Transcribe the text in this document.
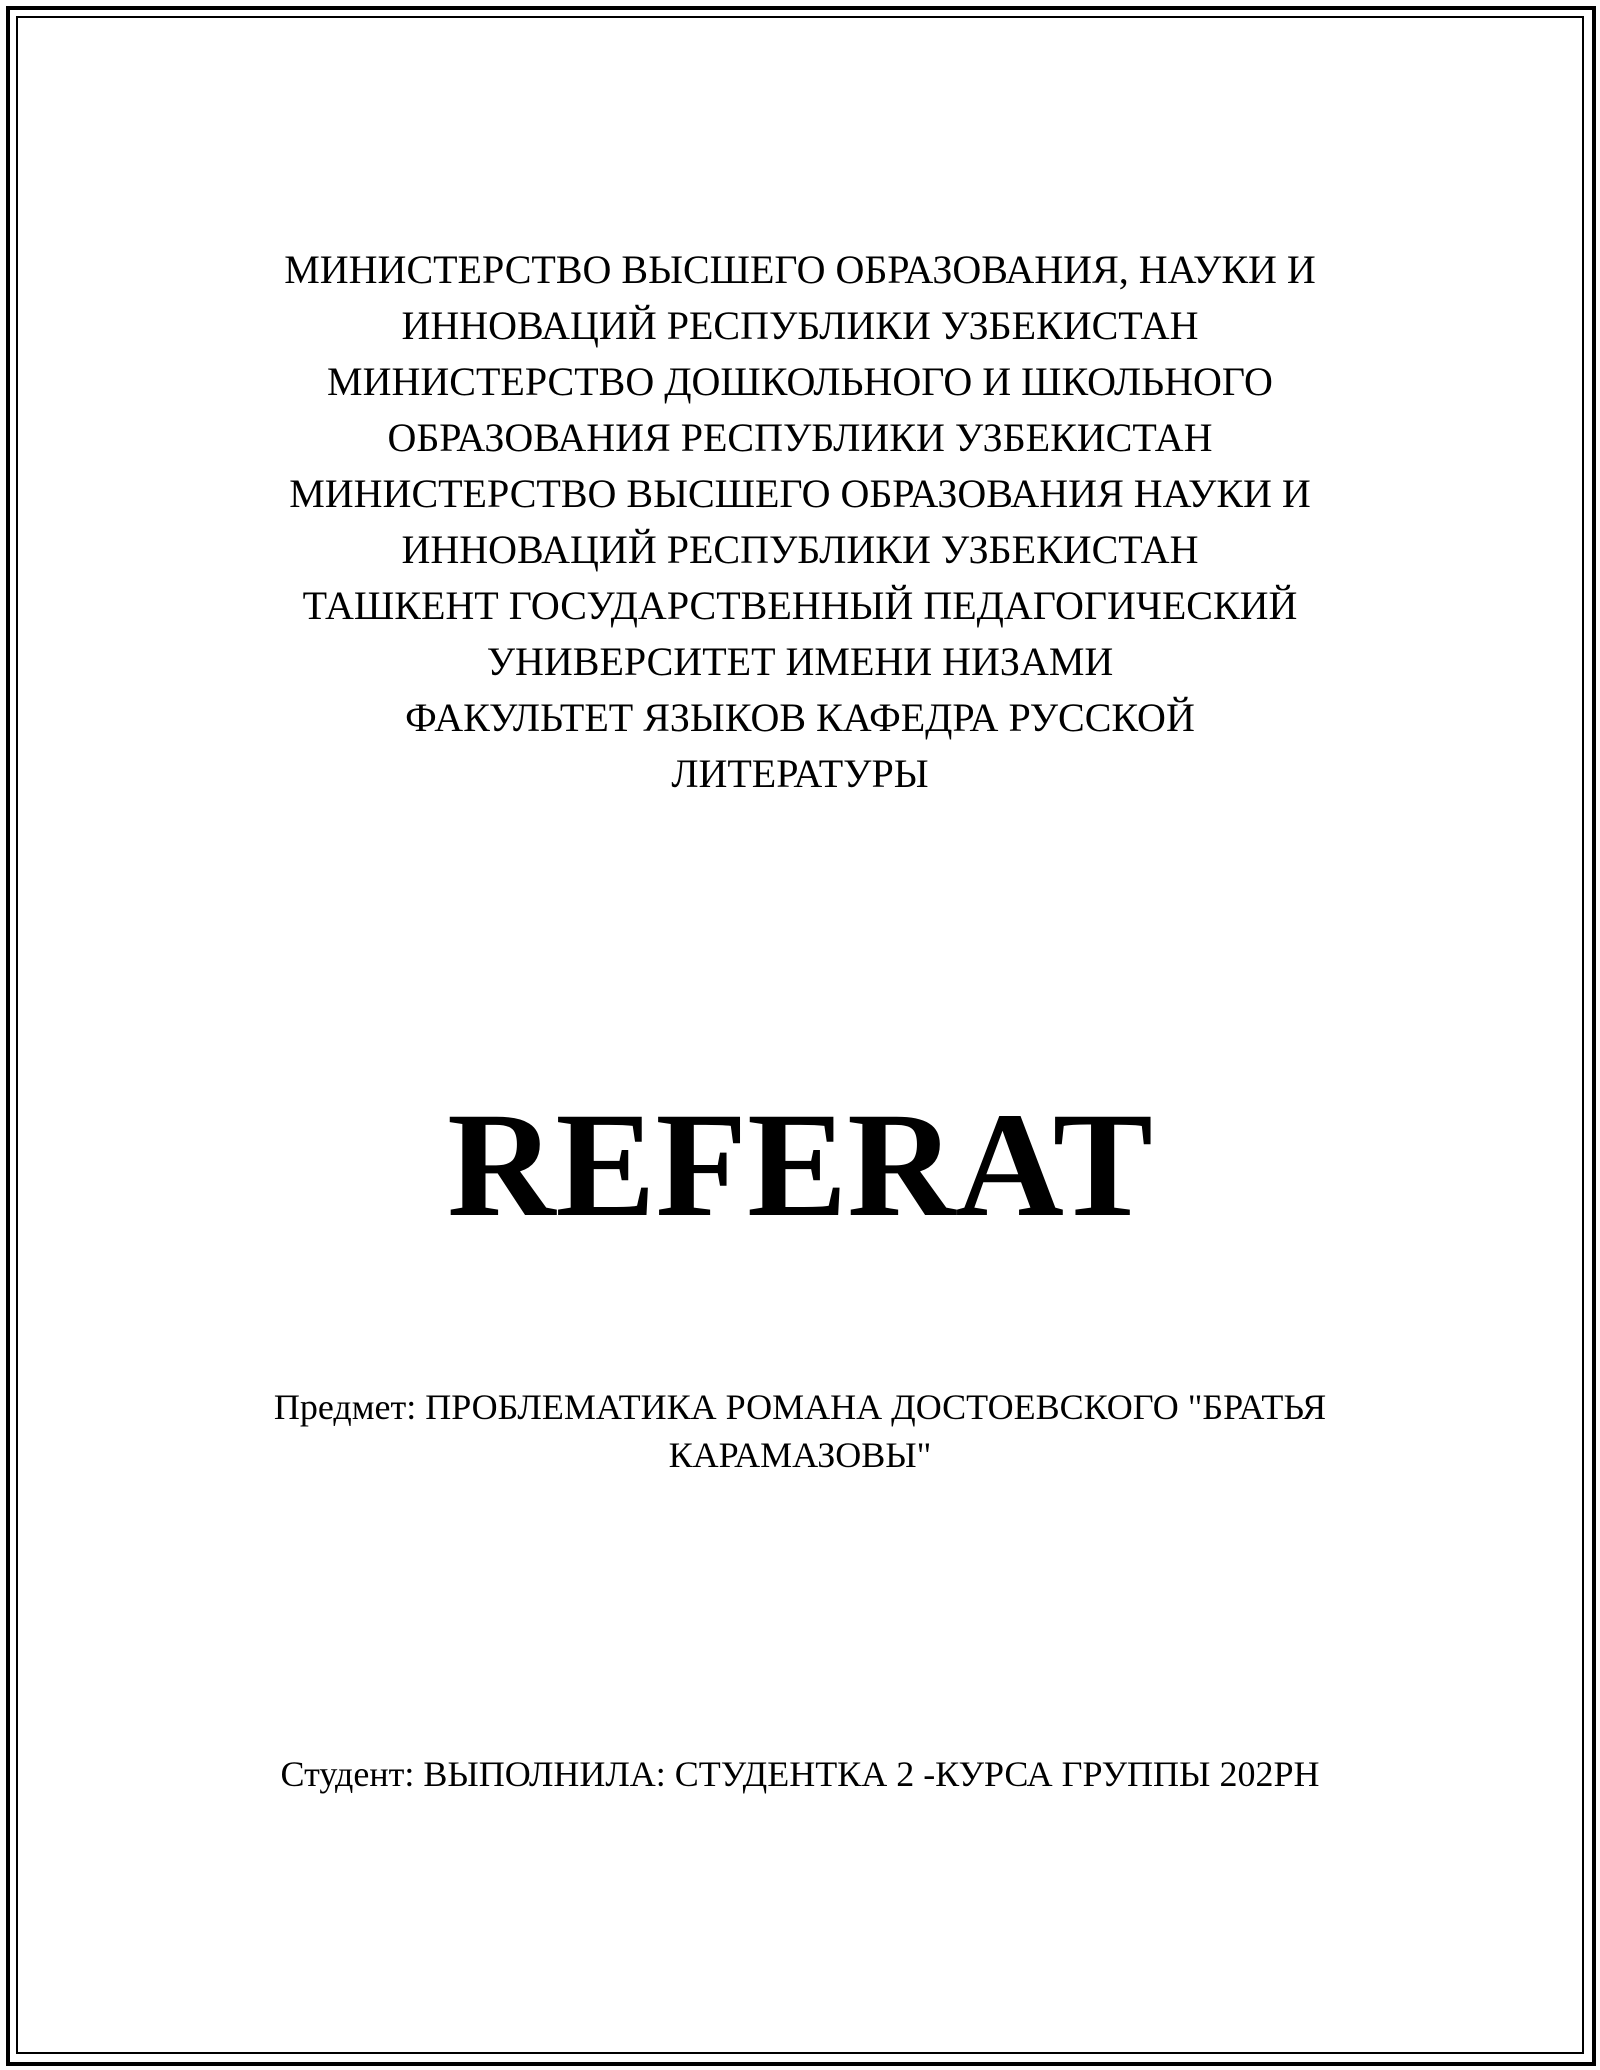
МИНИСТЕРСТВО ВЫСШЕГО ОБРАЗОВАНИЯ, НАУКИ И
ИННОВАЦИЙ РЕСПУБЛИКИ УЗБЕКИСТАН
МИНИСТЕРСТВО ДОШКОЛЬНОГО И ШКОЛЬНОГО
ОБРАЗОВАНИЯ РЕСПУБЛИКИ УЗБЕКИСТАН
МИНИСТЕРСТВО ВЫСШЕГО ОБРАЗОВАНИЯ НАУКИ И
ИННОВАЦИЙ РЕСПУБЛИКИ УЗБЕКИСТАН
ТАШКЕНТ ГОСУДАРСТВЕННЫЙ ПЕДАГОГИЧЕСКИЙ
УНИВЕРСИТЕТ ИМЕНИ НИЗАМИ
ФАКУЛЬТЕТ ЯЗЫКОВ КАФЕДРА РУССКОЙ
ЛИТЕРАТУРЫ
REFERAT
Предмет: ПРОБЛЕМАТИКА РОМАНА ДОСТОЕВСКОГО "БРАТЬЯ
КАРАМАЗОВЫ"
Студент: ВЫПОЛНИЛА: СТУДЕНТКА 2 -КУРСА ГРУППЫ 202PH
